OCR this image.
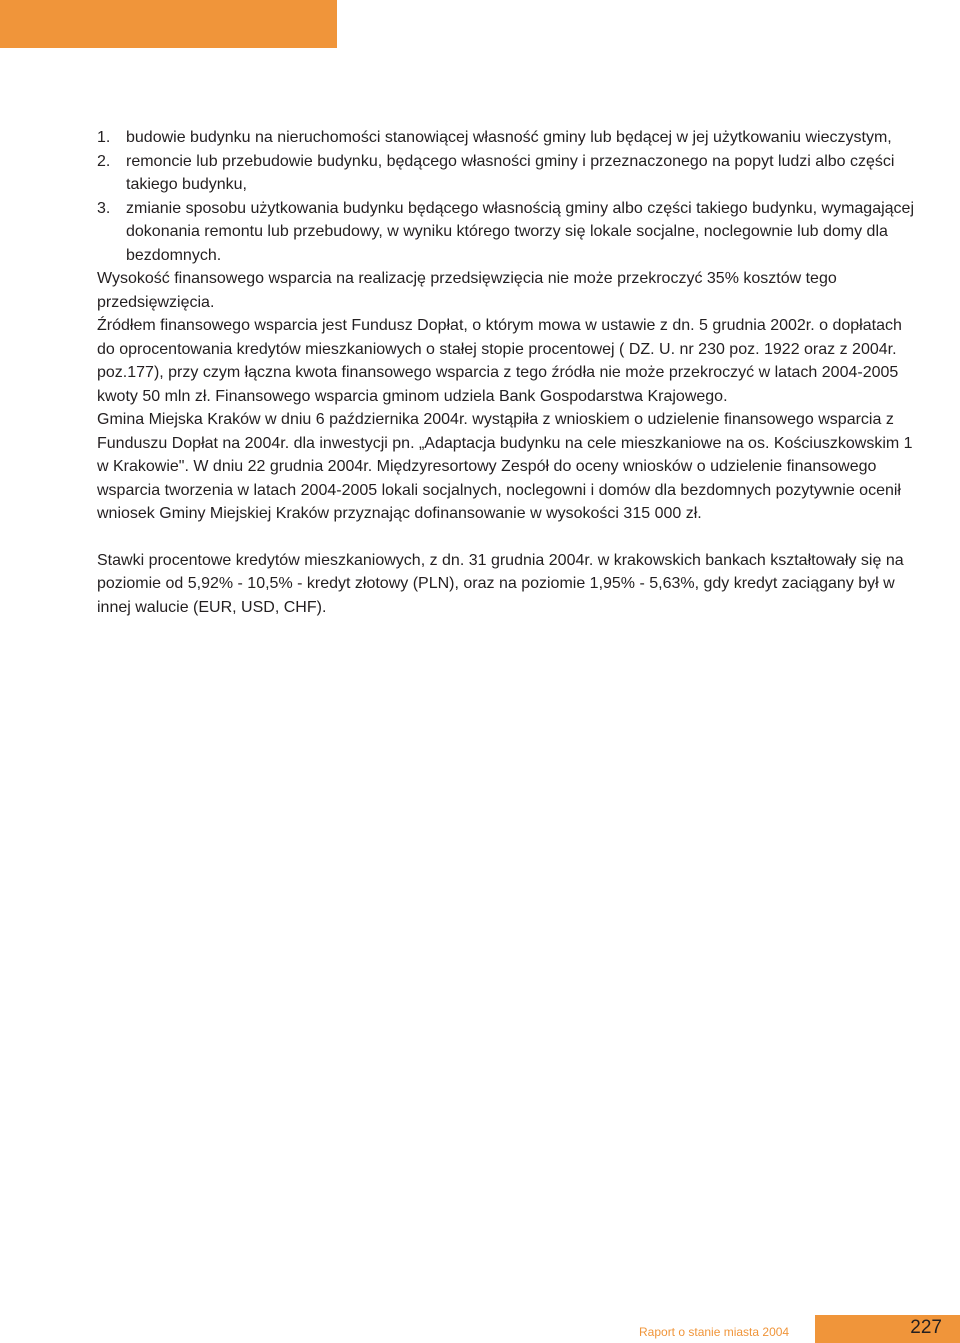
1. budowie budynku na nieruchomości stanowiącej własność gminy lub będącej w jej użytkowaniu wieczystym,
2. remoncie lub przebudowie budynku, będącego własności gminy i przeznaczonego na popyt ludzi albo części takiego budynku,
3. zmianie sposobu użytkowania budynku będącego własnością gminy albo części takiego budynku, wymagającej dokonania remontu lub przebudowy, w wyniku którego tworzy się lokale socjalne, noclegownie lub domy dla bezdomnych.

Wysokość finansowego wsparcia na realizację przedsięwzięcia nie może przekroczyć 35% kosztów tego przedsięwzięcia.

Źródłem finansowego wsparcia jest Fundusz Dopłat, o którym mowa w ustawie z dn. 5 grudnia 2002r. o dopłatach do oprocentowania kredytów mieszkaniowych o stałej stopie procentowej ( DZ. U. nr 230 poz. 1922 oraz z 2004r. poz.177), przy czym łączna kwota finansowego wsparcia z tego źródła nie może przekroczyć w latach 2004-2005 kwoty 50 mln zł. Finansowego wsparcia gminom udziela Bank Gospodarstwa Krajowego.

Gmina Miejska Kraków w dniu 6 października 2004r. wystąpiła z wnioskiem o udzielenie finansowego wsparcia z Funduszu Dopłat na 2004r. dla inwestycji pn. „Adaptacja budynku na cele mieszkaniowe na os. Kościuszkowskim 1 w Krakowie". W dniu 22 grudnia 2004r. Międzyresortowy Zespół do oceny wniosków o udzielenie finansowego wsparcia tworzenia w latach 2004-2005 lokali socjalnych, noclegowni i domów dla bezdomnych pozytywnie ocenił wniosek Gminy Miejskiej Kraków przyznając dofinansowanie w wysokości 315 000 zł.

Stawki procentowe kredytów mieszkaniowych, z dn. 31 grudnia 2004r. w krakowskich bankach kształtowały się na poziomie od 5,92% - 10,5% - kredyt złotowy (PLN), oraz na poziomie 1,95% - 5,63%, gdy kredyt zaciągany był w innej walucie (EUR, USD, CHF).

Raport o stanie miasta 2004	227
